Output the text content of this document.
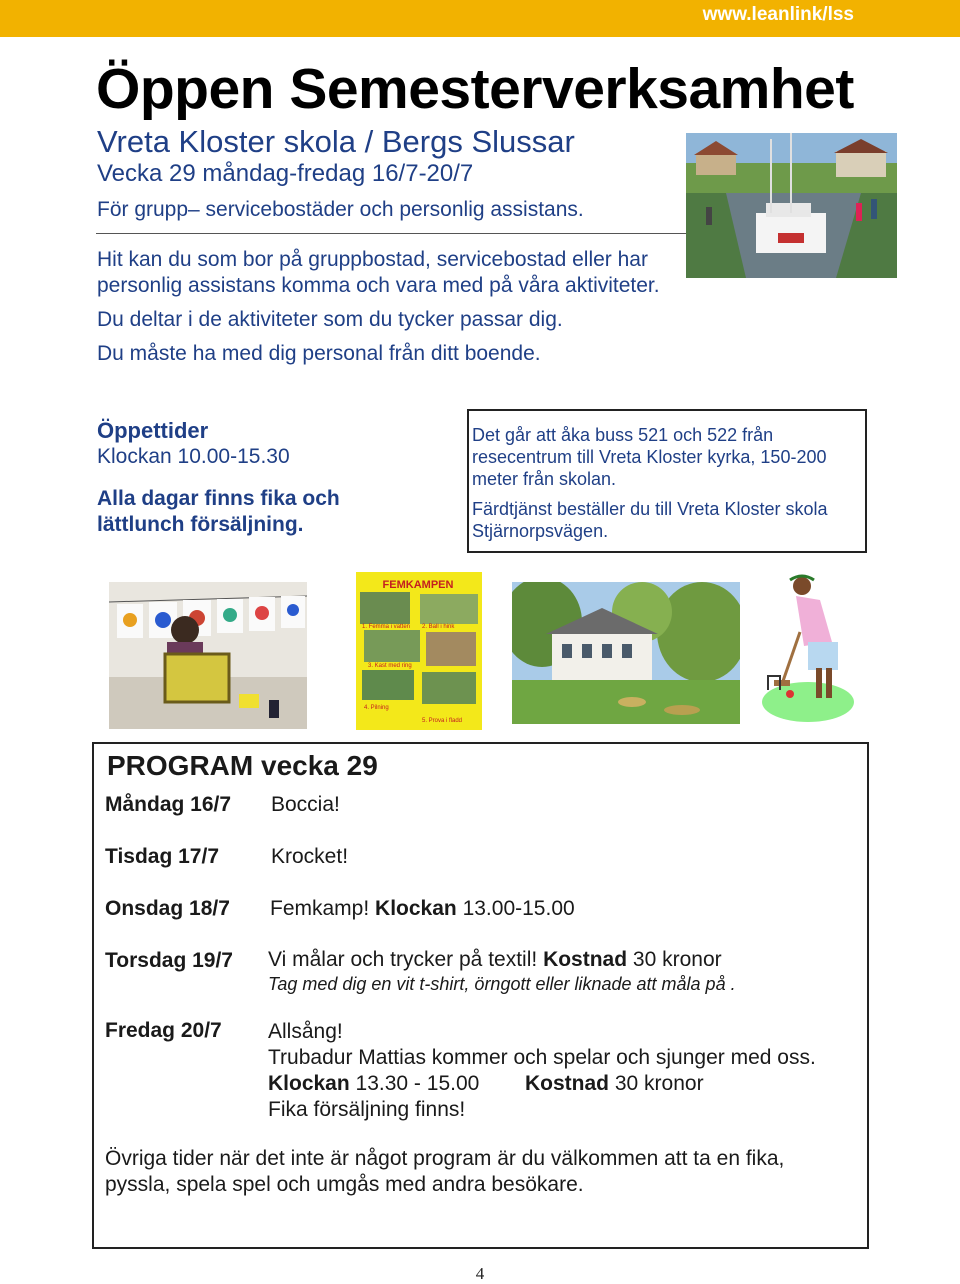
www.leanlink/lss
Öppen Semesterverksamhet
Vreta Kloster skola / Bergs Slussar
Vecka 29 måndag-fredag 16/7-20/7
För grupp– servicebostäder och personlig assistans.

Hit kan du som bor på gruppbostad, servicebostad eller har personlig assistans komma och vara med på våra aktiviteter.

Du deltar i de aktiviteter som du tycker passar dig.

Du måste ha med dig personal från ditt boende.

Öppettider
Klockan 10.00-15.30
Alla dagar finns fika och lättlunch försäljning.

Det går att åka buss 521 och 522 från resecentrum till Vreta Kloster kyrka, 150-200 meter från skolan.

Färdtjänst beställer du till Vreta Kloster skola Stjärnorpsvägen.

FEMKAMPEN
1. Femma i vatten 2. Ball i hink
3. Kast med ring
4. Pilning
5. Prova i fladd
PROGRAM vecka 29
Måndag 16/7 Boccia!
Tisdag 17/7 Krocket!
Onsdag 18/7 Femkamp! Klockan 13.00-15.00
Torsdag 19/7 Vi målar och trycker på textil! Kostnad 30 kronor
Tag med dig en vit t-shirt, örngott eller liknade att måla på .
Fredag 20/7 Allsång!
Trubadur Mattias kommer och spelar och sjunger med oss.
Klockan 13.30 - 15.00 Kostnad 30 kronor
Fika försäljning finns!
Övriga tider när det inte är något program är du välkommen att ta en fika, pyssla, spela spel och umgås med andra besökare.
4
